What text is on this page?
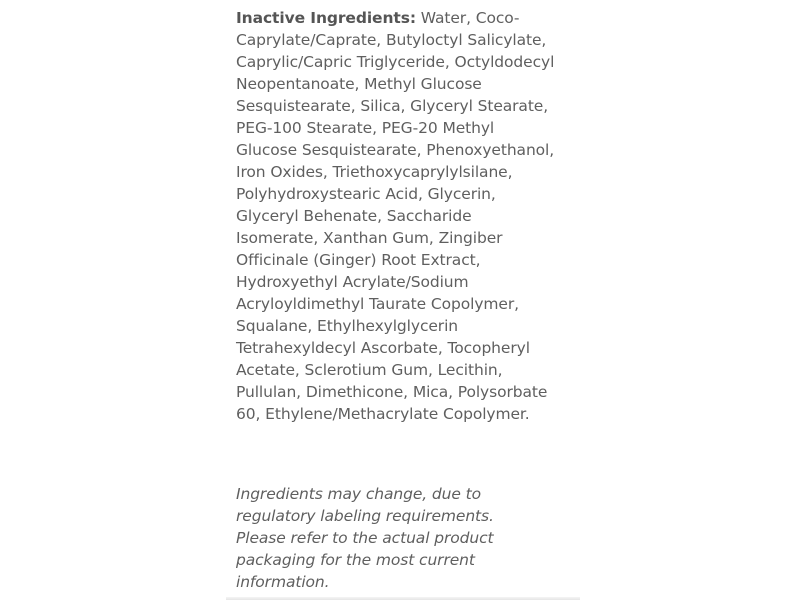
Inactive Ingredients: Water, Coco-Caprylate/Caprate, Butyloctyl Salicylate, Caprylic/Capric Triglyceride, Octyldodecyl Neopentanoate, Methyl Glucose Sesquistearate, Silica, Glyceryl Stearate, PEG-100 Stearate, PEG-20 Methyl Glucose Sesquistearate, Phenoxyethanol, Iron Oxides, Triethoxycaprylylsilane, Polyhydroxystearic Acid, Glycerin, Glyceryl Behenate, Saccharide Isomerate, Xanthan Gum, Zingiber Officinale (Ginger) Root Extract, Hydroxyethyl Acrylate/Sodium Acryloyldimethyl Taurate Copolymer, Squalane, Ethylhexylglycerin Tetrahexyldecyl Ascorbate, Tocopheryl Acetate, Sclerotium Gum, Lecithin, Pullulan, Dimethicone, Mica, Polysorbate 60, Ethylene/Methacrylate Copolymer.

Ingredients may change, due to regulatory labeling requirements. Please refer to the actual product packaging for the most current information.
